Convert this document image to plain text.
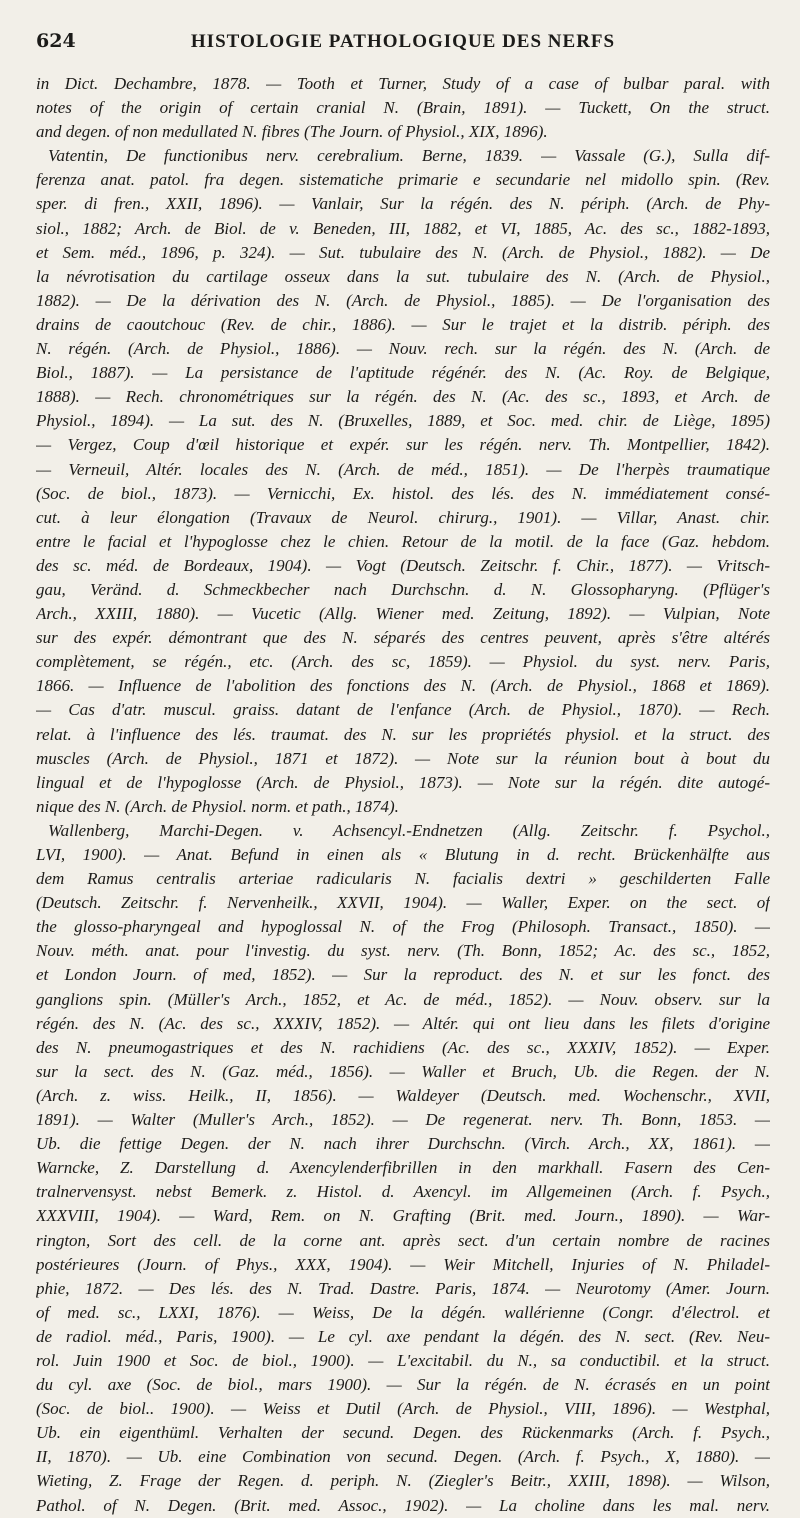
624	HISTOLOGIE PATHOLOGIQUE DES NERFS
in Dict. Dechambre, 1878. — Tooth et Turner, Study of a case of bulbar paral. with
notes of the origin of certain cranial N. (Brain, 1891). — Tuckett, On the struct.
and degen. of non medullated N. fibres (The Journ. of Physiol., XIX, 1896).
Vatentin, De functionibus nerv. cerebralium. Berne, 1839. — Vassale (G.), Sulla dif-
ferenza anat. patol. fra degen. sistematiche primarie e secundarie nel midollo spin. (Rev.
sper. di fren., XXII, 1896). — Vanlair, Sur la régén. des N. périph. (Arch. de Phy-
siol., 1882; Arch. de Biol. de v. Beneden, III, 1882, et VI, 1885, Ac. des sc., 1882-1893,
et Sem. méd., 1896, p. 324). — Sut. tubulaire des N. (Arch. de Physiol., 1882). — De
la névrotisation du cartilage osseux dans la sut. tubulaire des N. (Arch. de Physiol.,
1882). — De la dérivation des N. (Arch. de Physiol., 1885). — De l'organisation des
drains de caoutchouc (Rev. de chir., 1886). — Sur le trajet et la distrib. périph. des
N. régén. (Arch. de Physiol., 1886). — Nouv. rech. sur la régén. des N. (Arch. de
Biol., 1887). — La persistance de l'aptitude régénér. des N. (Ac. Roy. de Belgique,
1888). — Rech. chronométriques sur la régén. des N. (Ac. des sc., 1893, et Arch. de
Physiol., 1894). — La sut. des N. (Bruxelles, 1889, et Soc. med. chir. de Liège, 1895)
— Vergez, Coup d'œil historique et expér. sur les régén. nerv. Th. Montpellier, 1842).
— Verneuil, Altér. locales des N. (Arch. de méd., 1851). — De l'herpès traumatique
(Soc. de biol., 1873). — Vernicchi, Ex. histol. des lés. des N. immédiatement consé-
cut. à leur élongation (Travaux de Neurol. chirurg., 1901). — Villar, Anast. chir.
entre le facial et l'hypoglosse chez le chien. Retour de la motil. de la face (Gaz. hebdom.
des sc. méd. de Bordeaux, 1904). — Vogt (Deutsch. Zeitschr. f. Chir., 1877). — Vritsch-
gau, Veränd. d. Schmeckbecher nach Durchschn. d. N. Glossopharyng. (Pflüger's
Arch., XXIII, 1880). — Vucetic (Allg. Wiener med. Zeitung, 1892). — Vulpian, Note
sur des expér. démontrant que des N. séparés des centres peuvent, après s'être altérés
complètement, se régén., etc. (Arch. des sc, 1859). — Physiol. du syst. nerv. Paris,
1866. — Influence de l'abolition des fonctions des N. (Arch. de Physiol., 1868 et 1869).
— Cas d'atr. muscul. graiss. datant de l'enfance (Arch. de Physiol., 1870). — Rech.
relat. à l'influence des lés. traumat. des N. sur les propriétés physiol. et la struct. des
muscles (Arch. de Physiol., 1871 et 1872). — Note sur la réunion bout à bout du
lingual et de l'hypoglosse (Arch. de Physiol., 1873). — Note sur la régén. dite autogé-
nique des N. (Arch. de Physiol. norm. et path., 1874).
Wallenberg, Marchi-Degen. v. Achsencyl.-Endnetzen (Allg. Zeitschr. f. Psychol.,
LVI, 1900). — Anat. Befund in einen als « Blutung in d. recht. Brückenhälfte aus
dem Ramus centralis arteriae radicularis N. facialis dextri » geschilderten Falle
(Deutsch. Zeitschr. f. Nervenheilk., XXVII, 1904). — Waller, Exper. on the sect. of
the glosso-pharyngeal and hypoglossal N. of the Frog (Philosoph. Transact., 1850). —
Nouv. méth. anat. pour l'investig. du syst. nerv. (Th. Bonn, 1852; Ac. des sc., 1852,
et London Journ. of med, 1852). — Sur la reproduct. des N. et sur les fonct. des
ganglions spin. (Müller's Arch., 1852, et Ac. de méd., 1852). — Nouv. observ. sur la
régén. des N. (Ac. des sc., XXXIV, 1852). — Altér. qui ont lieu dans les filets d'origine
des N. pneumogastriques et des N. rachidiens (Ac. des sc., XXXIV, 1852). — Exper.
sur la sect. des N. (Gaz. méd., 1856). — Waller et Bruch, Ub. die Regen. der N.
(Arch. z. wiss. Heilk., II, 1856). — Waldeyer (Deutsch. med. Wochenschr., XVII,
1891). — Walter (Muller's Arch., 1852). — De regenerat. nerv. Th. Bonn, 1853. —
Ub. die fettige Degen. der N. nach ihrer Durchschn. (Virch. Arch., XX, 1861). —
Warncke, Z. Darstellung d. Axencylenderfibrillen in den markhall. Fasern des Cen-
tralnervensyst. nebst Bemerk. z. Histol. d. Axencyl. im Allgemeinen (Arch. f. Psych.,
XXXVIII, 1904). — Ward, Rem. on N. Grafting (Brit. med. Journ., 1890). — War-
rington, Sort des cell. de la corne ant. après sect. d'un certain nombre de racines
postérieures (Journ. of Phys., XXX, 1904). — Weir Mitchell, Injuries of N. Philadel-
phie, 1872. — Des lés. des N. Trad. Dastre. Paris, 1874. — Neurotomy (Amer. Journ.
of med. sc., LXXI, 1876). — Weiss, De la dégén. wallérienne (Congr. d'électrol. et
de radiol. méd., Paris, 1900). — Le cyl. axe pendant la dégén. des N. sect. (Rev. Neu-
rol. Juin 1900 et Soc. de biol., 1900). — L'excitabil. du N., sa conductibil. et la struct.
du cyl. axe (Soc. de biol., mars 1900). — Sur la régén. de N. écrasés en un point
(Soc. de biol.. 1900). — Weiss et Dutil (Arch. de Physiol., VIII, 1896). — Westphal,
Ub. ein eigenthüml. Verhalten der secund. Degen. des Rückenmarks (Arch. f. Psych.,
II, 1870). — Ub. eine Combination von secund. Degen. (Arch. f. Psych., X, 1880). —
Wieting, Z. Frage der Regen. d. periph. N. (Ziegler's Beitr., XXIII, 1898). — Wilson,
Pathol. of N. Degen. (Brit. med. Assoc., 1902). — La choline dans les mal. nerv.
